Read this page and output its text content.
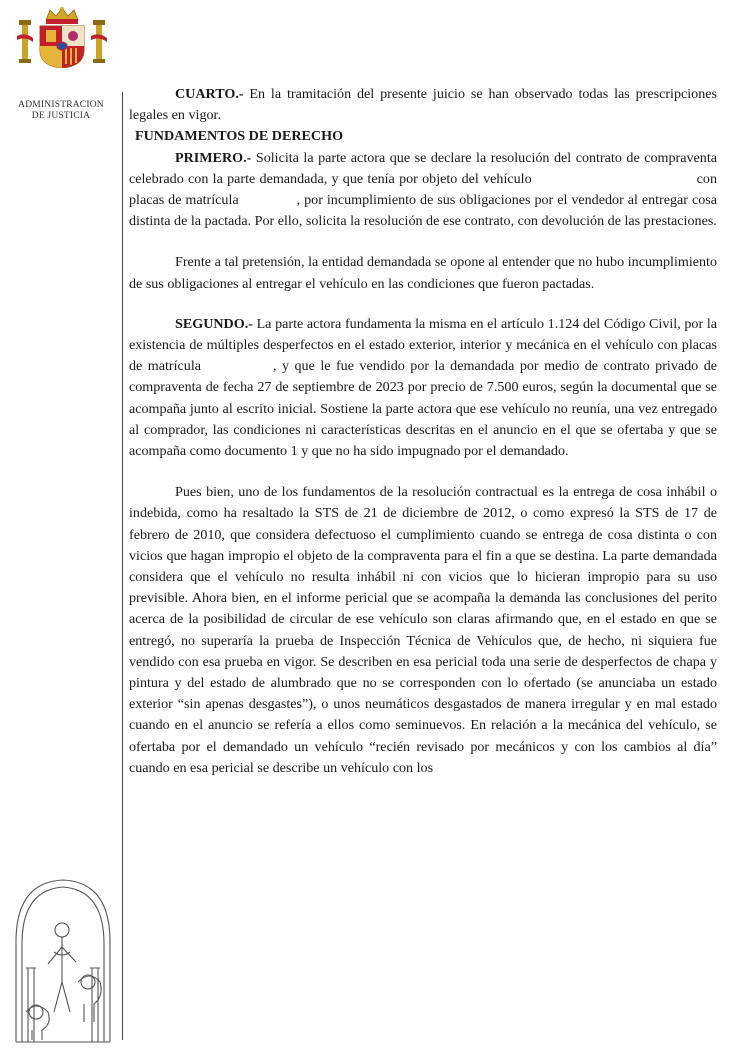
ADMINISTRACION
DE JUSTICIA

CUARTO.- En la tramitación del presente juicio se han observado todas las prescripciones legales en vigor.

FUNDAMENTOS DE DERECHO

PRIMERO.- Solicita la parte actora que se declare la resolución del contrato de compraventa celebrado con la parte demandada, y que tenía por objeto del vehículo	con placas de matrícula	, por incumplimiento de sus obligaciones por el vendedor al entregar cosa distinta de la pactada. Por ello, solicita la resolución de ese contrato, con devolución de las prestaciones.

Frente a tal pretensión, la entidad demandada se opone al entender que no hubo incumplimiento de sus obligaciones al entregar el vehículo en las condiciones que fueron pactadas.

SEGUNDO.- La parte actora fundamenta la misma en el artículo 1.124 del Código Civil, por la existencia de múltiples desperfectos en el estado exterior, interior y mecánica en el vehículo con placas de matrícula	, y que le fue vendido por la demandada por medio de contrato privado de compraventa de fecha 27 de septiembre de 2023 por precio de 7.500 euros, según la documental que se acompaña junto al escrito inicial. Sostiene la parte actora que ese vehículo no reunía, una vez entregado al comprador, las condiciones ni características descritas en el anuncio en el que se ofertaba y que se acompaña como documento 1 y que no ha sido impugnado por el demandado.

Pues bien, uno de los fundamentos de la resolución contractual es la entrega de cosa inhábil o indebida, como ha resaltado la STS de 21 de diciembre de 2012, o como expresó la STS de 17 de febrero de 2010, que considera defectuoso el cumplimiento cuando se entrega de cosa distinta o con vicios que hagan impropio el objeto de la compraventa para el fin a que se destina. La parte demandada considera que el vehículo no resulta inhábil ni con vicios que lo hicieran impropio para su uso previsible. Ahora bien, en el informe pericial que se acompaña la demanda las conclusiones del perito acerca de la posibilidad de circular de ese vehículo son claras afirmando que, en el estado en que se entregó, no superaría la prueba de Inspección Técnica de Vehículos que, de hecho, ni siquiera fue vendido con esa prueba en vigor. Se describen en esa pericial toda una serie de desperfectos de chapa y pintura y del estado de alumbrado que no se corresponden con lo ofertado (se anunciaba un estado exterior “sin apenas desgastes”), o unos neumáticos desgastados de manera irregular y en mal estado cuando en el anuncio se refería a ellos como seminuevos. En relación a la mecánica del vehículo, se ofertaba por el demandado un vehículo “recién revisado por mecánicos y con los cambios al día” cuando en esa pericial se describe un vehículo con los
